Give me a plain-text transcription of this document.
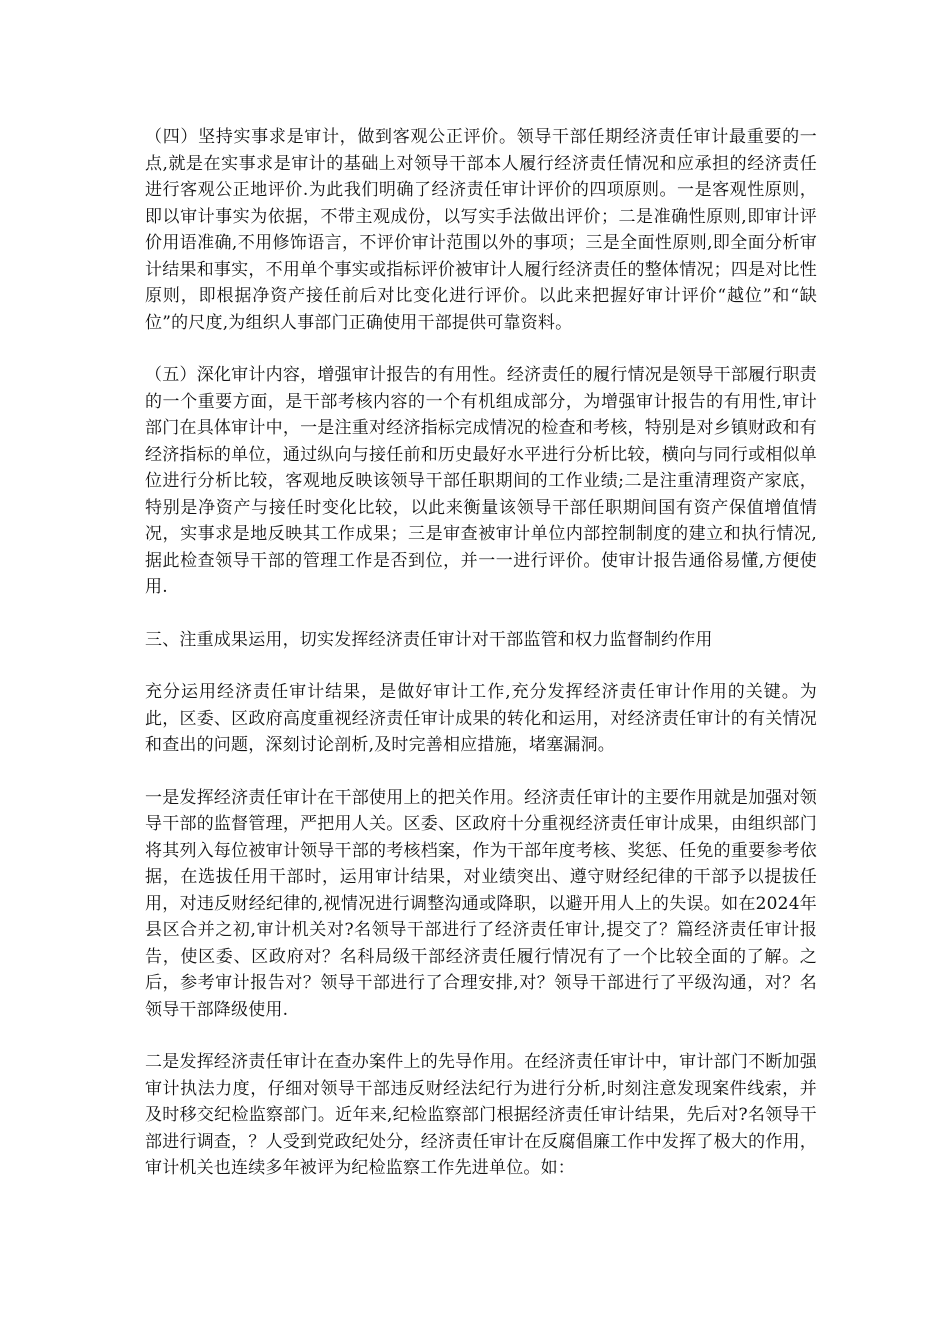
（四）坚持实事求是审计，做到客观公正评价。领导干部任期经济责任审计最重要的一点,就是在实事求是审计的基础上对领导干部本人履行经济责任情况和应承担的经济责任进行客观公正地评价.为此我们明确了经济责任审计评价的四项原则。一是客观性原则，即以审计事实为依据，不带主观成份，以写实手法做出评价；二是准确性原则,即审计评价用语准确,不用修饰语言，不评价审计范围以外的事项；三是全面性原则,即全面分析审计结果和事实，不用单个事实或指标评价被审计人履行经济责任的整体情况；四是对比性原则，即根据净资产接任前后对比变化进行评价。以此来把握好审计评价“越位”和“缺位”的尺度,为组织人事部门正确使用干部提供可靠资料。

（五）深化审计内容，增强审计报告的有用性。经济责任的履行情况是领导干部履行职责的一个重要方面，是干部考核内容的一个有机组成部分，为增强审计报告的有用性,审计部门在具体审计中，一是注重对经济指标完成情况的检查和考核，特别是对乡镇财政和有经济指标的单位，通过纵向与接任前和历史最好水平进行分析比较，横向与同行或相似单位进行分析比较，客观地反映该领导干部任职期间的工作业绩;二是注重清理资产家底，特别是净资产与接任时变化比较，以此来衡量该领导干部任职期间国有资产保值增值情况，实事求是地反映其工作成果；三是审查被审计单位内部控制制度的建立和执行情况,据此检查领导干部的管理工作是否到位，并一一进行评价。使审计报告通俗易懂,方便使用.

三、注重成果运用，切实发挥经济责任审计对干部监管和权力监督制约作用

充分运用经济责任审计结果，是做好审计工作,充分发挥经济责任审计作用的关键。为此，区委、区政府高度重视经济责任审计成果的转化和运用，对经济责任审计的有关情况和查出的问题，深刻讨论剖析,及时完善相应措施，堵塞漏洞。

一是发挥经济责任审计在干部使用上的把关作用。经济责任审计的主要作用就是加强对领导干部的监督管理，严把用人关。区委、区政府十分重视经济责任审计成果，由组织部门将其列入每位被审计领导干部的考核档案，作为干部年度考核、奖惩、任免的重要参考依据，在选拔任用干部时，运用审计结果，对业绩突出、遵守财经纪律的干部予以提拔任用，对违反财经纪律的,视情况进行调整沟通或降职，以避开用人上的失误。如在2024年县区合并之初,审计机关对?名领导干部进行了经济责任审计,提交了？篇经济责任审计报告，使区委、区政府对？名科局级干部经济责任履行情况有了一个比较全面的了解。之后，参考审计报告对？领导干部进行了合理安排,对？领导干部进行了平级沟通，对？名领导干部降级使用.

二是发挥经济责任审计在查办案件上的先导作用。在经济责任审计中，审计部门不断加强审计执法力度，仔细对领导干部违反财经法纪行为进行分析,时刻注意发现案件线索，并及时移交纪检监察部门。近年来,纪检监察部门根据经济责任审计结果，先后对?名领导干部进行调查，？人受到党政纪处分，经济责任审计在反腐倡廉工作中发挥了极大的作用，审计机关也连续多年被评为纪检监察工作先进单位。如：
